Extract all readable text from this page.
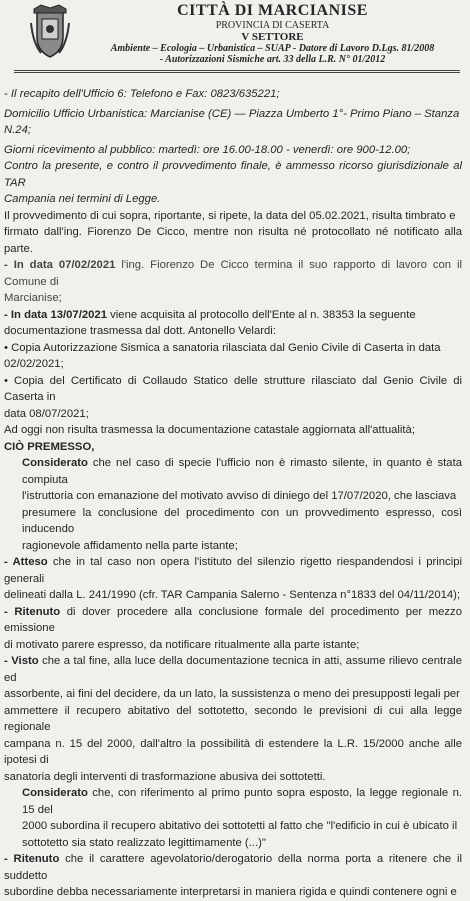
CITTÀ DI MARCIANISE
PROVINCIA DI CASERTA
V SETTORE
Ambiente – Ecologia – Urbanistica – SUAP - Datore di Lavoro D.Lgs. 81/2008
- Autorizzazioni Sismiche art. 33 della L.R. N° 01/2012

- Il recapito dell'Ufficio 6: Telefono e Fax: 0823/635221;

Domicilio Ufficio Urbanistica: Marcianise (CE) — Piazza Umberto 1°- Primo Piano – Stanza
N.24;

Giorni ricevimento al pubblico: martedì: ore 16.00-18.00 - venerdì: ore 900-12.00;

Contro la presente, e contro il provvedimento finale, è ammesso ricorso giurisdizionale al TAR
Campania nei termini di Legge.

Il provvedimento di cui sopra, riportante, si ripete, la data del 05.02.2021, risulta timbrato e
firmato dall'ing. Fiorenzo De Cicco, mentre non risulta né protocollato né notificato alla parte.

- In data 07/02/2021 l'ing. Fiorenzo De Cicco termina il suo rapporto di lavoro con il Comune di
Marcianise;

- In data 13/07/2021 viene acquisita al protocollo dell'Ente al n. 38353 la seguente
documentazione trasmessa dal dott. Antonello Velardi:

• Copia Autorizzazione Sismica a sanatoria rilasciata dal Genio Civile di Caserta in data
02/02/2021;

• Copia del Certificato di Collaudo Statico delle strutture rilasciato dal Genio Civile di Caserta in
data 08/07/2021;

Ad oggi non risulta trasmessa la documentazione catastale aggiornata all'attualità;

CIÒ PREMESSO,

Considerato che nel caso di specie l'ufficio non è rimasto silente, in quanto è stata compiuta
l'istruttoria con emanazione del motivato avviso di diniego del 17/07/2020, che lasciava
presumere la conclusione del procedimento con un provvedimento espresso, così inducendo
ragionevole affidamento nella parte istante;

- Atteso che in tal caso non opera l'istituto del silenzio rigetto riespandendosi i principi generali
delineati dalla L. 241/1990 (cfr. TAR Campania Salerno - Sentenza n°1833 del 04/11/2014);

- Ritenuto di dover procedere alla conclusione formale del procedimento per mezzo emissione
di motivato parere espresso, da notificare ritualmente alla parte istante;

- Visto che a tal fine, alla luce della documentazione tecnica in atti, assume rilievo centrale ed
assorbente, ai fini del decidere, da un lato, la sussistenza o meno dei presupposti legali per
ammettere il recupero abitativo del sottotetto, secondo le previsioni di cui alla legge regionale
campana n. 15 del 2000, dall'altro la possibilità di estendere la L.R. 15/2000 anche alle ipotesi di
sanatoria degli interventi di trasformazione abusiva dei sottotetti.

Considerato che, con riferimento al primo punto sopra esposto, la legge regionale n. 15 del
2000 subordina il recupero abitativo dei sottotetti al fatto che "l'edificio in cui è ubicato il
sottotetto sia stato realizzato legittimamente (...)"

- Ritenuto che il carattere agevolatorio/derogatorio della norma porta a ritenere che il suddetto
subordine debba necessariamente interpretarsi in maniera rigida e quindi contenere ogni e
